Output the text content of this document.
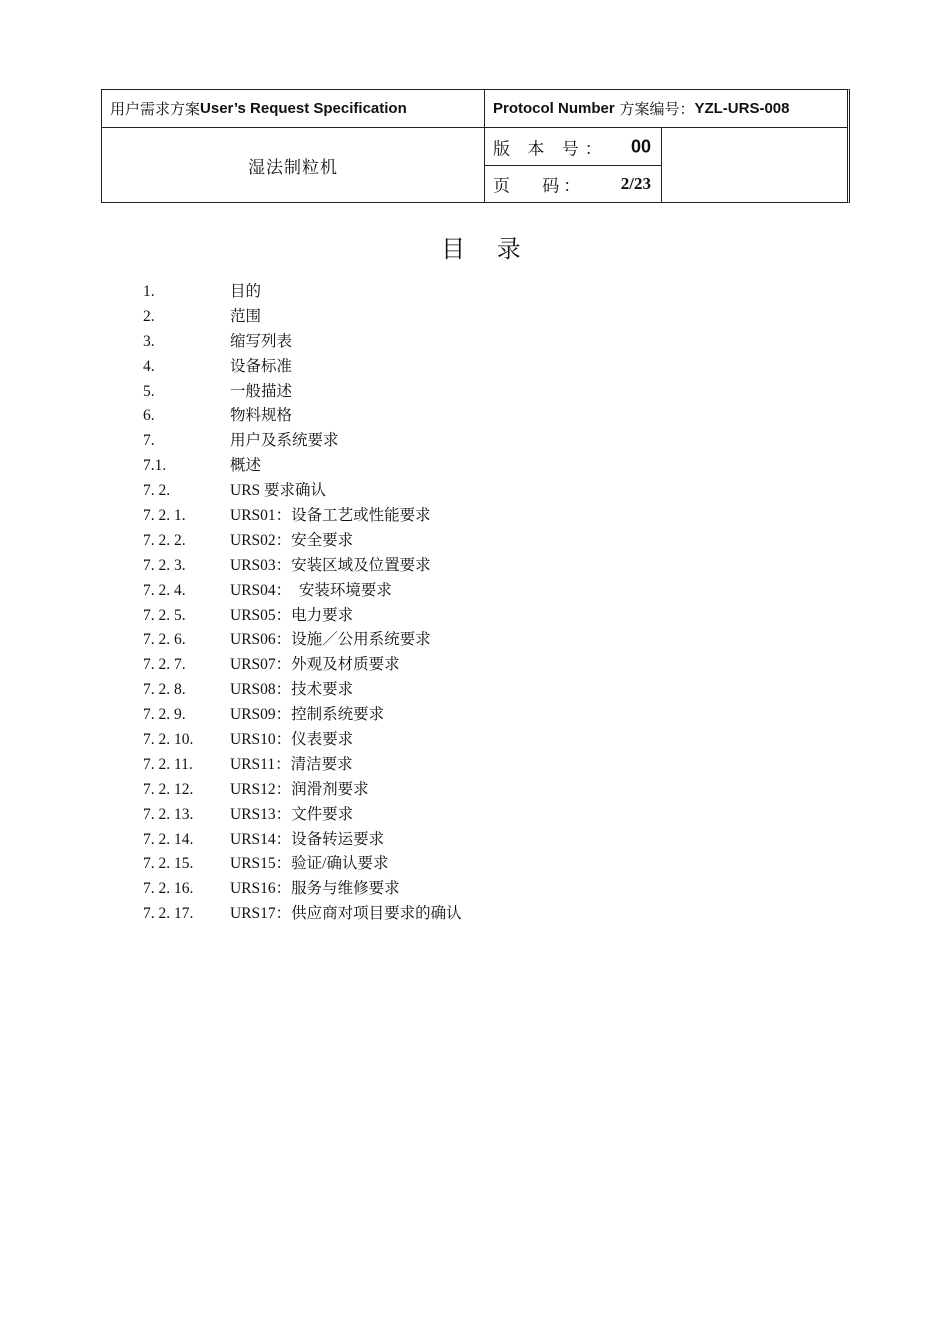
用户需求方案 User’s Request Specification	Protocol Number 方案编号： YZL-URS-008
湿法制粒机
版 本 号： 00
页   码： 2/23
目 录
1.	目的
2.	范围
3.	缩写列表
4.	设备标准
5.	一般描述
6.	物料规格
7.	用户及系统要求
7.1.	概述
7. 2.	URS 要求确认
7. 2. 1.	URS01：设备工艺或性能要求
7. 2. 2.	URS02：安全要求
7. 2. 3.	URS03：安装区域及位置要求
7. 2. 4.	URS04：  安装环境要求
7. 2. 5.	URS05：电力要求
7. 2. 6.	URS06：设施／公用系统要求
7. 2. 7.	URS07：外观及材质要求
7. 2. 8.	URS08：技术要求
7. 2. 9.	URS09：控制系统要求
7. 2. 10. URS10：仪表要求
7. 2. 11. URS11：清洁要求
7. 2. 12. URS12：润滑剂要求
7. 2. 13. URS13：文件要求
7. 2. 14. URS14：设备转运要求
7. 2. 15. URS15：验证/确认要求
7. 2. 16. URS16：服务与维修要求
7. 2. 17. URS17：供应商对项目要求的确认
